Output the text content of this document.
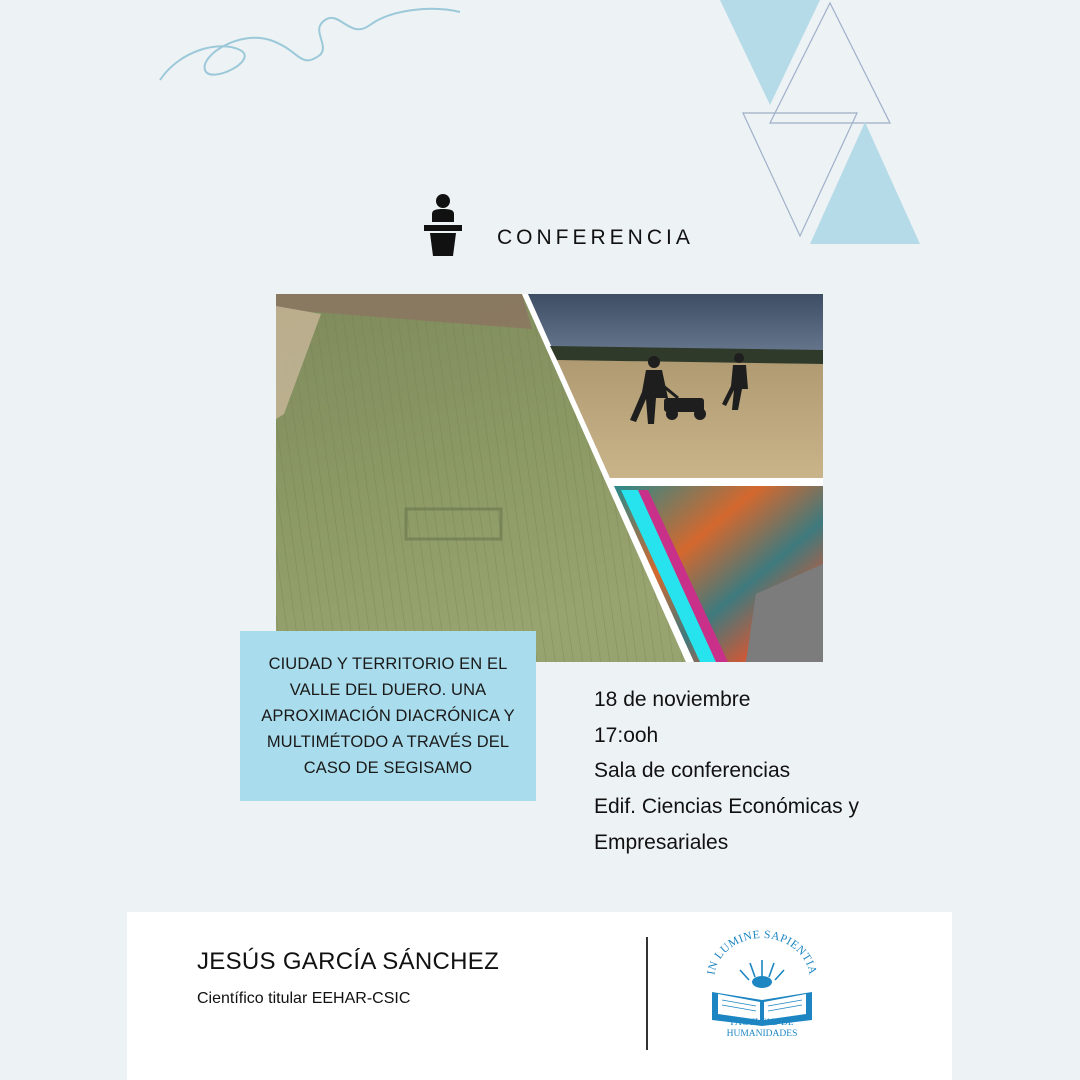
CONFERENCIA
CIUDAD Y TERRITORIO EN EL VALLE DEL DUERO. UNA APROXIMACIÓN DIACRÓNICA Y MULTIMÉTODO A TRAVÉS DEL CASO DE SEGISAMO
18 de noviembre
17:ooh
Sala de conferencias
Edif. Ciencias Económicas y
Empresariales
JESÚS GARCÍA SÁNCHEZ
Científico titular EEHAR-CSIC
IN LUMINE SAPIENTIA
FACULTAD DE
HUMANIDADES
